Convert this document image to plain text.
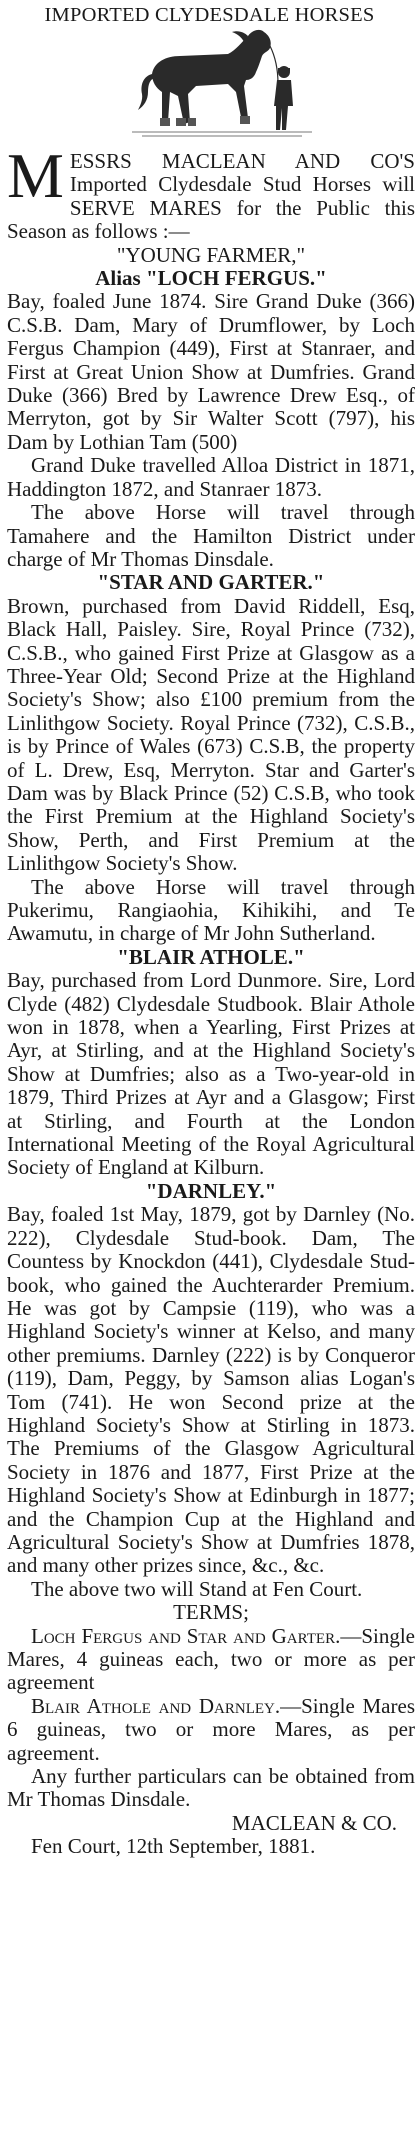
IMPORTED CLYDESDALE HORSES

MESSRS MACLEAN AND CO'S Imported Clydesdale Stud Horses will SERVE MARES for the Public this Season as follows :—

"YOUNG FARMER,"

Alias "LOCH FERGUS."

Bay, foaled June 1874. Sire Grand Duke (366) C.S.B. Dam, Mary of Drumflower, by Loch Fergus Champion (449), First at Stanraer, and First at Great Union Show at Dumfries. Grand Duke (366) Bred by Lawrence Drew Esq., of Merryton, got by Sir Walter Scott (797), his Dam by Lothian Tam (500)

Grand Duke travelled Alloa District in 1871, Haddington 1872, and Stanraer 1873.

The above Horse will travel through Tamahere and the Hamilton District under charge of Mr Thomas Dinsdale.

"STAR AND GARTER."

Brown, purchased from David Riddell, Esq, Black Hall, Paisley. Sire, Royal Prince (732), C.S.B., who gained First Prize at Glasgow as a Three-Year Old; Second Prize at the Highland Society's Show; also £100 premium from the Linlithgow Society. Royal Prince (732), C.S.B., is by Prince of Wales (673) C.S.B, the property of L. Drew, Esq, Merryton. Star and Garter's Dam was by Black Prince (52) C.S.B, who took the First Premium at the Highland Society's Show, Perth, and First Premium at the Linlithgow Society's Show.

The above Horse will travel through Pukerimu, Rangiaohia, Kihikihi, and Te Awamutu, in charge of Mr John Sutherland.

"BLAIR ATHOLE."

Bay, purchased from Lord Dunmore. Sire, Lord Clyde (482) Clydesdale Studbook. Blair Athole won in 1878, when a Yearling, First Prizes at Ayr, at Stirling, and at the Highland Society's Show at Dumfries; also as a Two-year-old in 1879, Third Prizes at Ayr and a Glasgow; First at Stirling, and Fourth at the London International Meeting of the Royal Agricultural Society of England at Kilburn.

"DARNLEY."

Bay, foaled 1st May, 1879, got by Darnley (No. 222), Clydesdale Stud-book. Dam, The Countess by Knockdon (441), Clydesdale Stud-book, who gained the Auchterarder Premium. He was got by Campsie (119), who was a Highland Society's winner at Kelso, and many other premiums. Darnley (222) is by Conqueror (119), Dam, Peggy, by Samson alias Logan's Tom (741). He won Second prize at the Highland Society's Show at Stirling in 1873. The Premiums of the Glasgow Agricultural Society in 1876 and 1877, First Prize at the Highland Society's Show at Edinburgh in 1877; and the Champion Cup at the Highland and Agricultural Society's Show at Dumfries 1878, and many other prizes since, &c., &c.

The above two will Stand at Fen Court.

TERMS;

Loch Fergus and Star and Garter.—Single Mares, 4 guineas each, two or more as per agreement

Blair Athole and Darnley.—Single Mares 6 guineas, two or more Mares, as per agreement.

Any further particulars can be obtained from Mr Thomas Dinsdale.

MACLEAN & CO.

Fen Court, 12th September, 1881.
